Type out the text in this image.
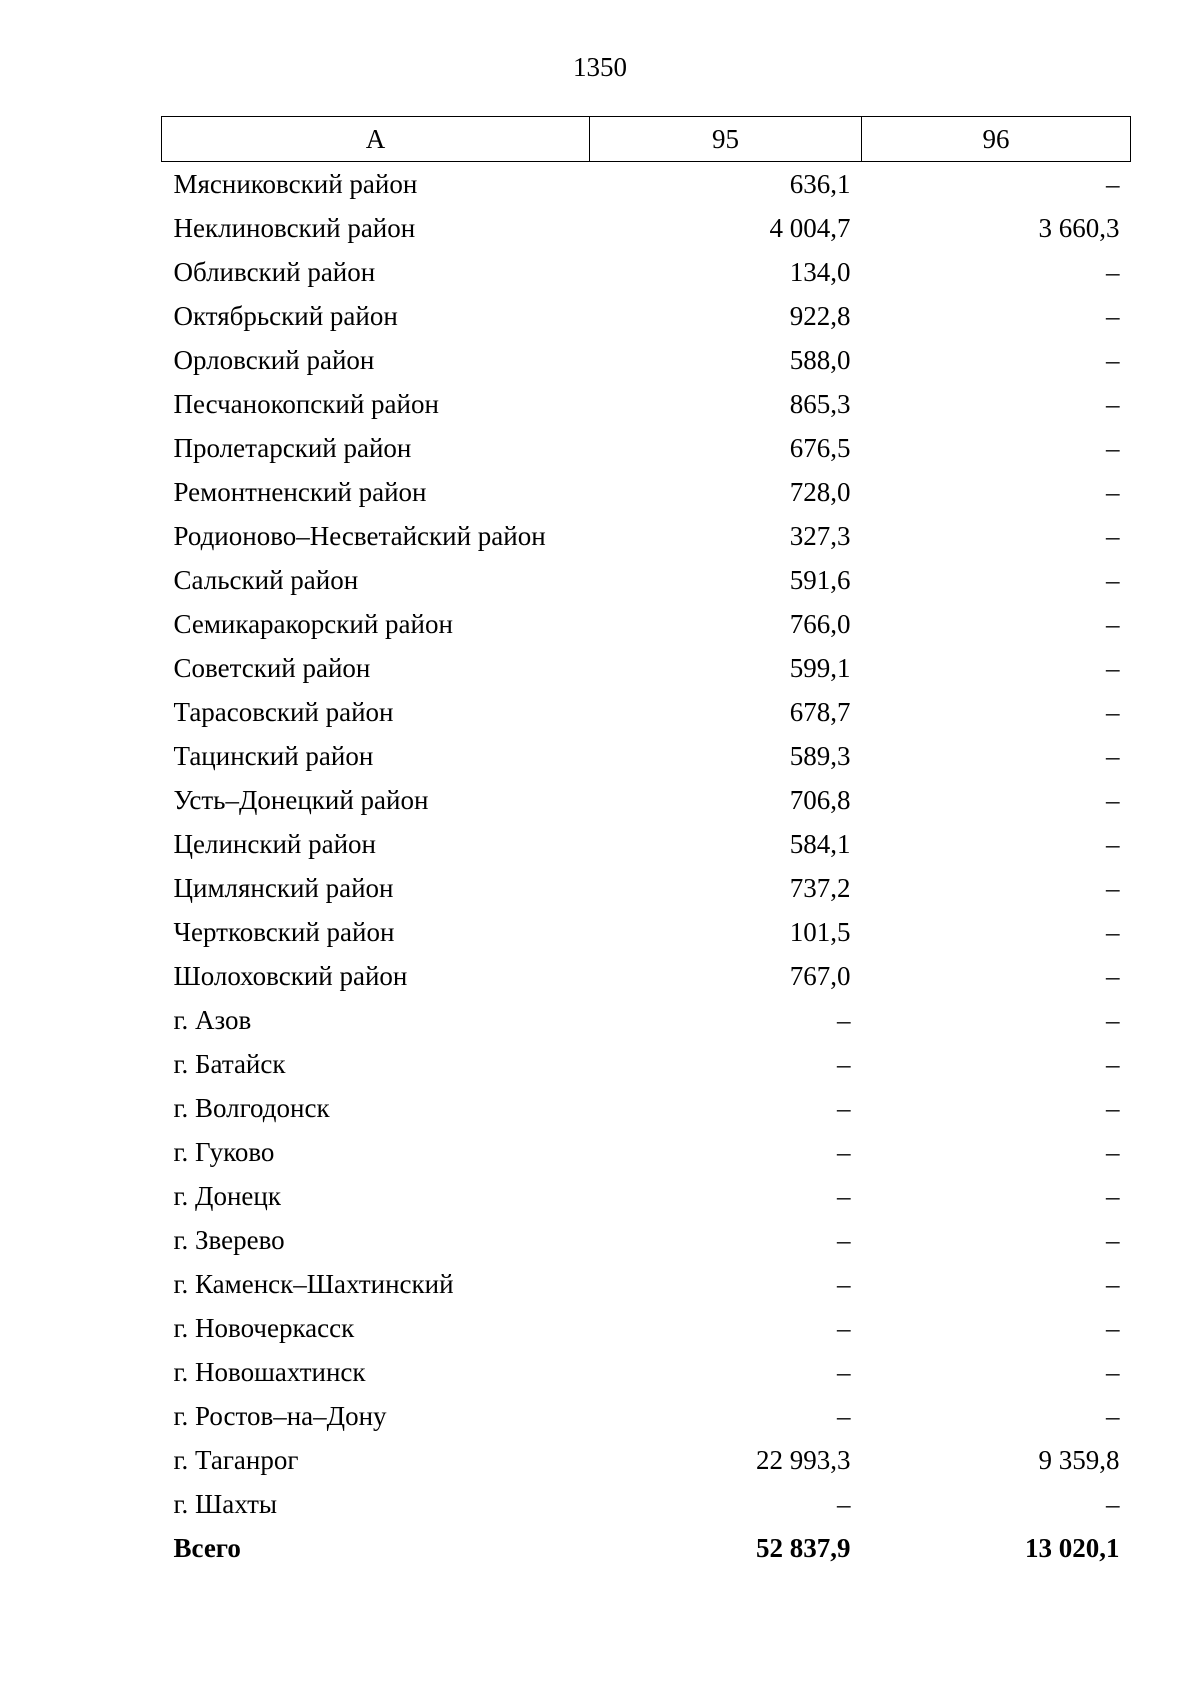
1350
А	95	96
Мясниковский район	636,1	–
Неклиновский район	4 004,7	3 660,3
Обливский район	134,0	–
Октябрьский район	922,8	–
Орловский район	588,0	–
Песчанокопский район	865,3	–
Пролетарский район	676,5	–
Ремонтненский район	728,0	–
Родионово–Несветайский район	327,3	–
Сальский район	591,6	–
Семикаракорский район	766,0	–
Советский район	599,1	–
Тарасовский район	678,7	–
Тацинский район	589,3	–
Усть–Донецкий район	706,8	–
Целинский район	584,1	–
Цимлянский район	737,2	–
Чертковский район	101,5	–
Шолоховский район	767,0	–
г. Азов	–	–
г. Батайск	–	–
г. Волгодонск	–	–
г. Гуково	–	–
г. Донецк	–	–
г. Зверево	–	–
г. Каменск–Шахтинский	–	–
г. Новочеркасск	–	–
г. Новошахтинск	–	–
г. Ростов–на–Дону	–	–
г. Таганрог	22 993,3	9 359,8
г. Шахты	–	–
Всего	52 837,9	13 020,1
